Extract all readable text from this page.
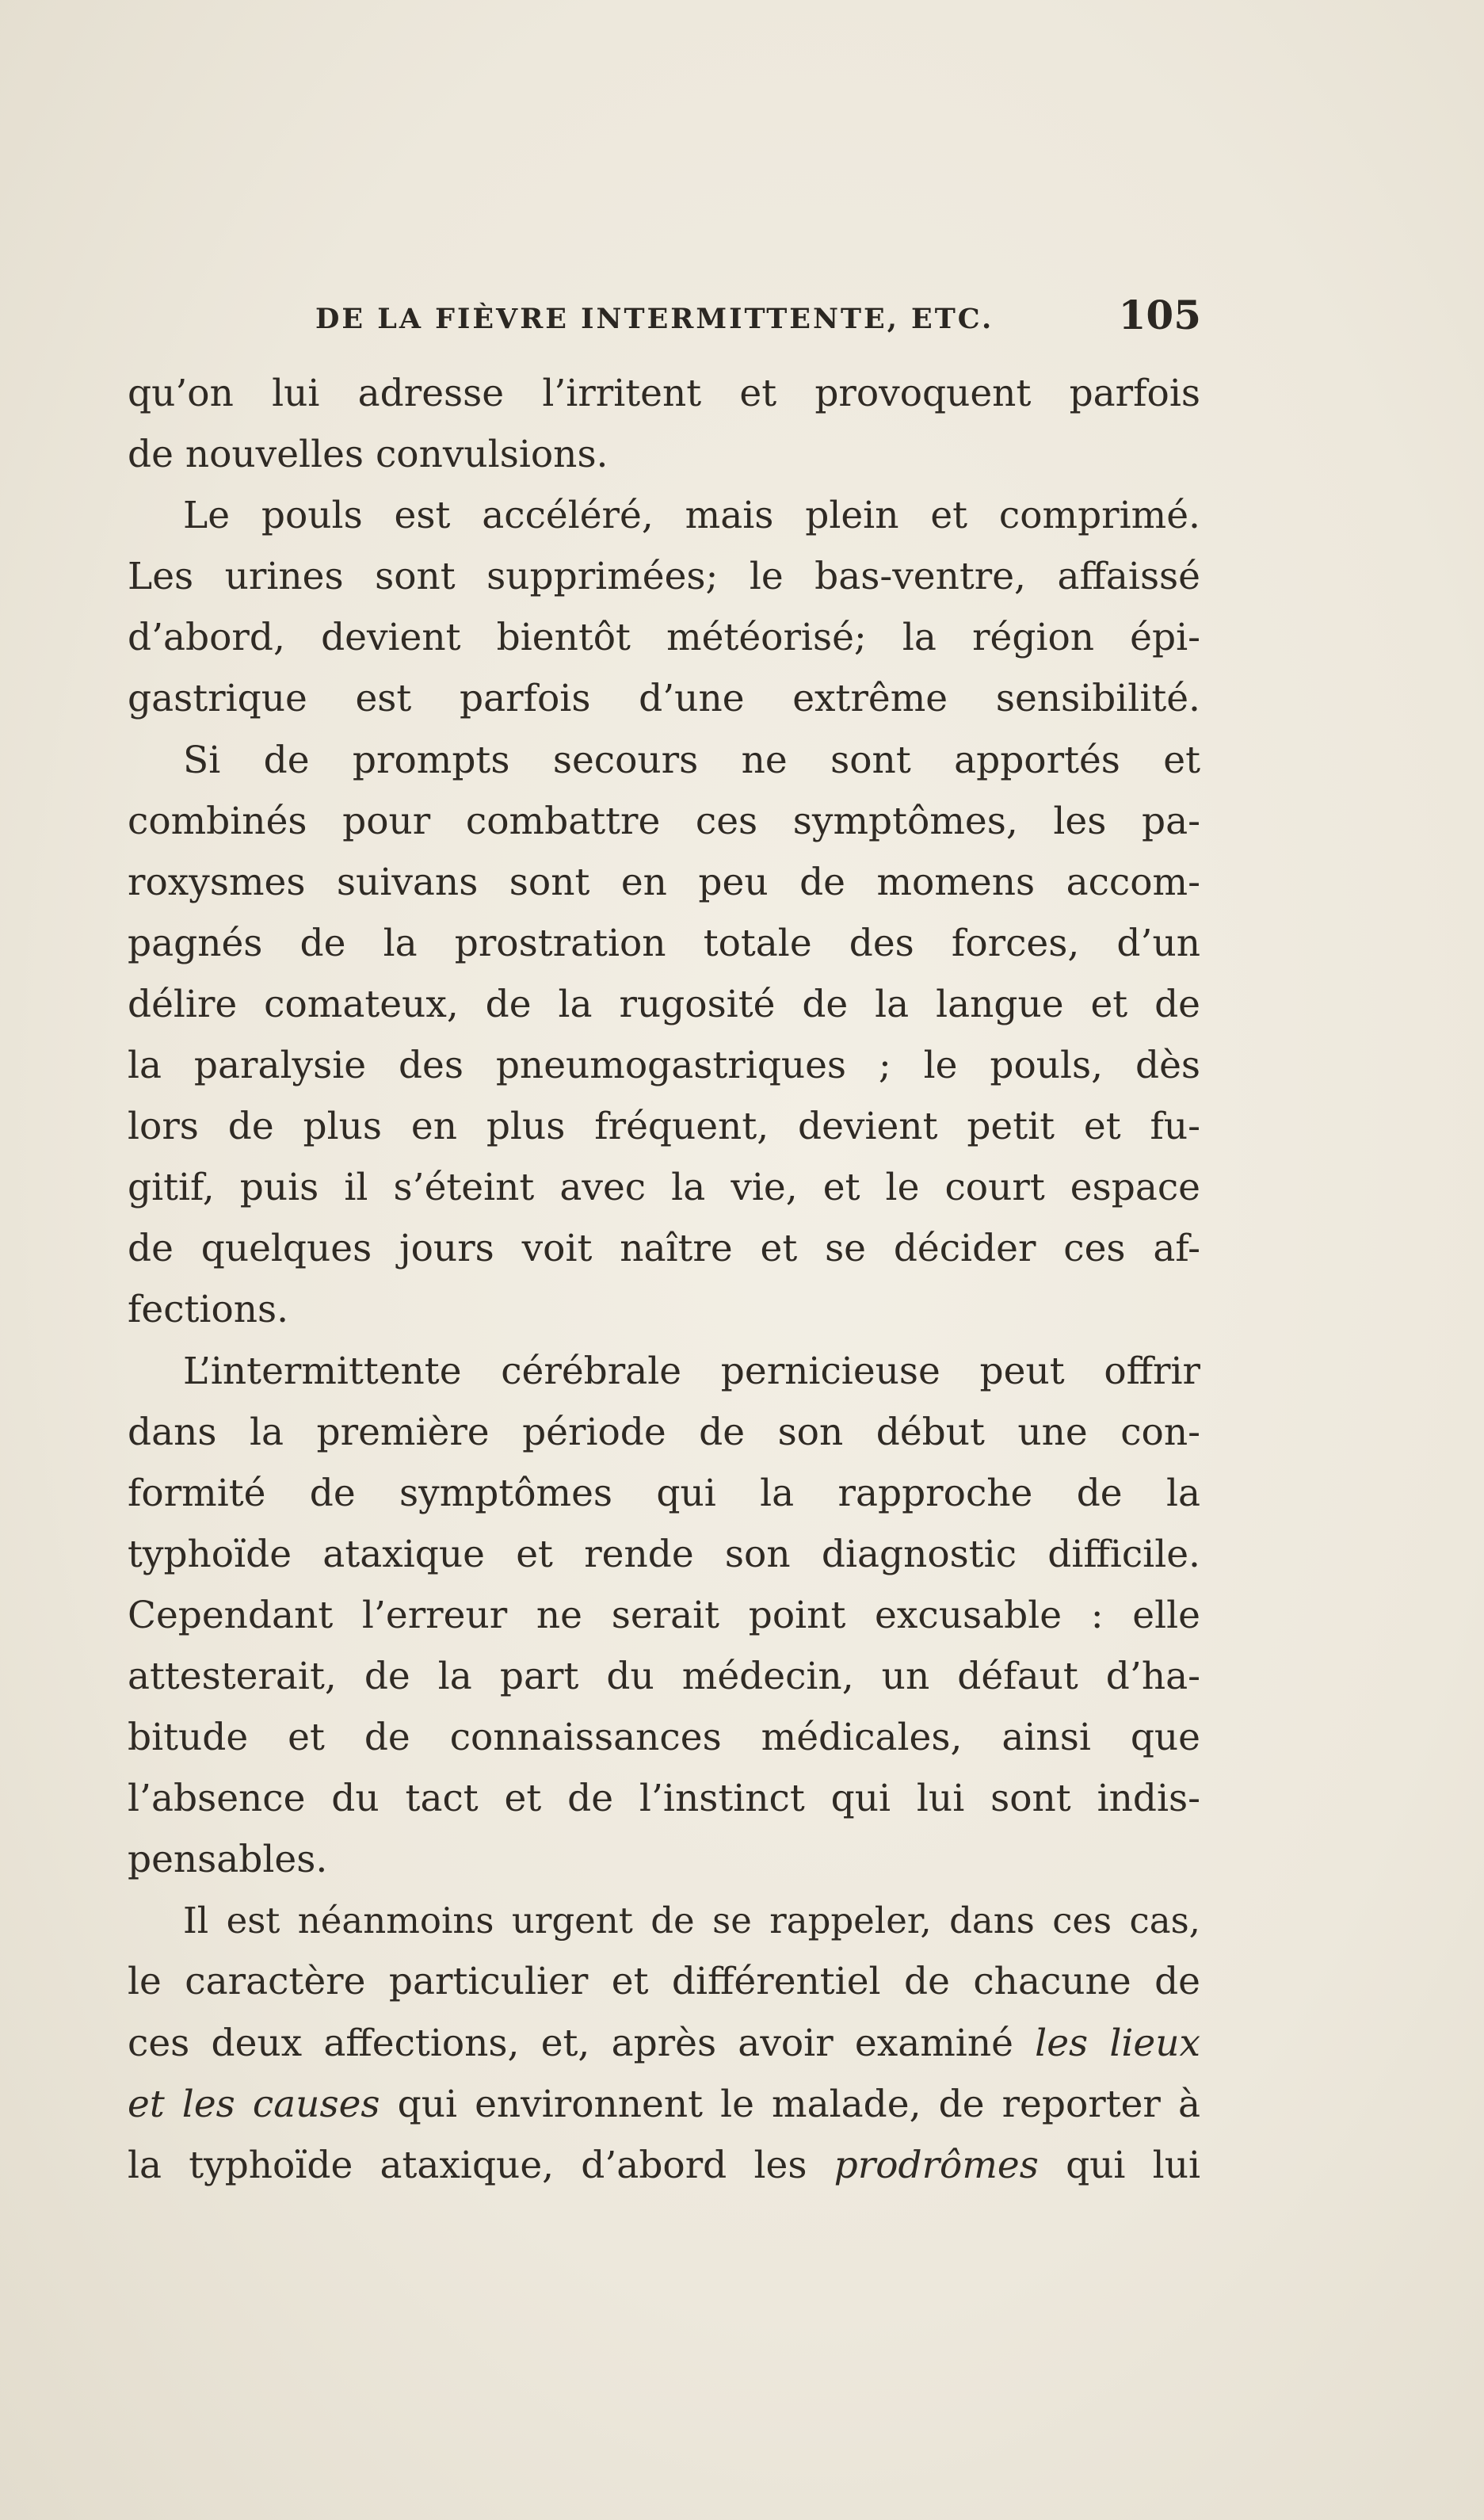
DE LA FIÈVRE INTERMITTENTE, ETC.	105
qu’on lui adresse l’irritent et provoquent parfois
de nouvelles convulsions.
Le pouls est accéléré, mais plein et comprimé.
Les urines sont supprimées; le bas-ventre, affaissé
d’abord, devient bientôt météorisé; la région épi-
gastrique est parfois d’une extrême sensibilité.
Si de prompts secours ne sont apportés et
combinés pour combattre ces symptômes, les pa-
roxysmes suivans sont en peu de momens accom-
pagnés de la prostration totale des forces, d’un
délire comateux, de la rugosité de la langue et de
la paralysie des pneumogastriques ; le pouls, dès
lors de plus en plus fréquent, devient petit et fu-
gitif, puis il s’éteint avec la vie, et le court espace
de quelques jours voit naître et se décider ces af-
fections.
L’intermittente cérébrale pernicieuse peut offrir
dans la première période de son début une con-
formité de symptômes qui la rapproche de la
typhoïde ataxique et rende son diagnostic difficile.
Cependant l’erreur ne serait point excusable : elle
attesterait, de la part du médecin, un défaut d’ha-
bitude et de connaissances médicales, ainsi que
l’absence du tact et de l’instinct qui lui sont indis-
pensables.
Il est néanmoins urgent de se rappeler, dans ces cas,
le caractère particulier et différentiel de chacune de
ces deux affections, et, après avoir examiné les lieux
et les causes qui environnent le malade, de reporter à
la typhoïde ataxique, d’abord les prodrômes qui lui
